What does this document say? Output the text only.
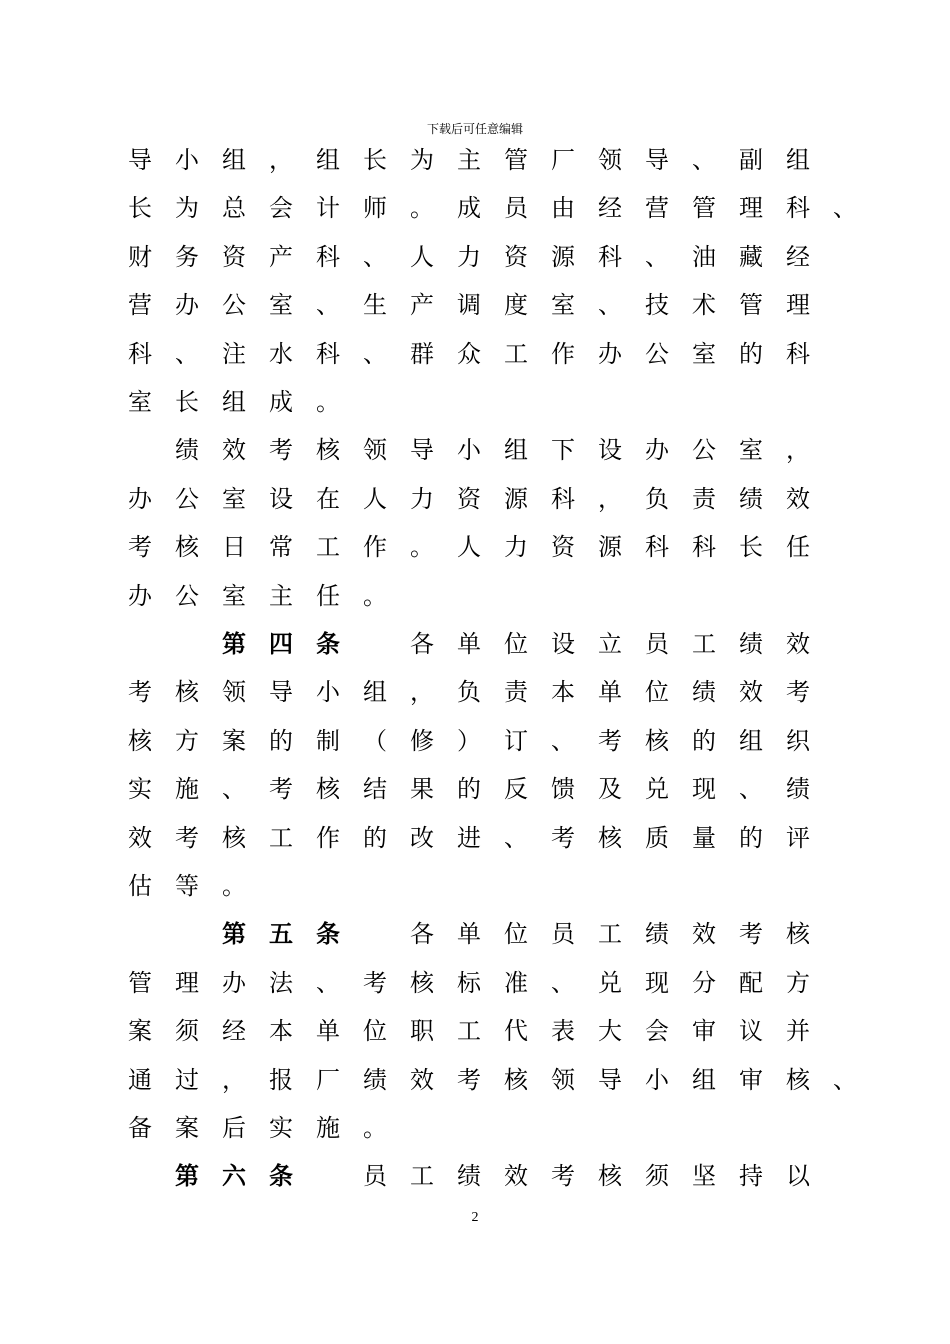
下载后可任意编辑
导 小 组 ， 组 长 为 主 管 厂 领 导 、 副 组
长 为 总 会 计 师 。 成 员 由 经 营 管 理 科 、
财 务 资 产 科 、 人 力 资 源 科 、 油 藏 经
营 办 公 室 、 生 产 调 度 室 、 技 术 管 理
科 、 注 水 科 、 群 众 工 作 办 公 室 的 科
室 长 组 成 。
绩 效 考 核 领 导 小 组 下 设 办 公 室 ，
办 公 室 设 在 人 力 资 源 科 ， 负 责 绩 效
考 核 日 常 工 作 。 人 力 资 源 科 科 长 任
办 公 室 主 任 。
第 四 条	各 单 位 设 立 员 工 绩 效
考 核 领 导 小 组 ， 负 责 本 单 位 绩 效 考
核 方 案 的 制 （ 修 ） 订 、 考 核 的 组 织
实 施 、 考 核 结 果 的 反 馈 及 兑 现 、 绩
效 考 核 工 作 的 改 进 、 考 核 质 量 的 评
估 等 。
第 五 条	各 单 位 员 工 绩 效 考 核
管 理 办 法 、 考 核 标 准 、 兑 现 分 配 方
案 须 经 本 单 位 职 工 代 表 大 会 审 议 并
通 过 ， 报 厂 绩 效 考 核 领 导 小 组 审 核 、
备 案 后 实 施 。
第 六 条	员 工 绩 效 考 核 须 坚 持 以
2
